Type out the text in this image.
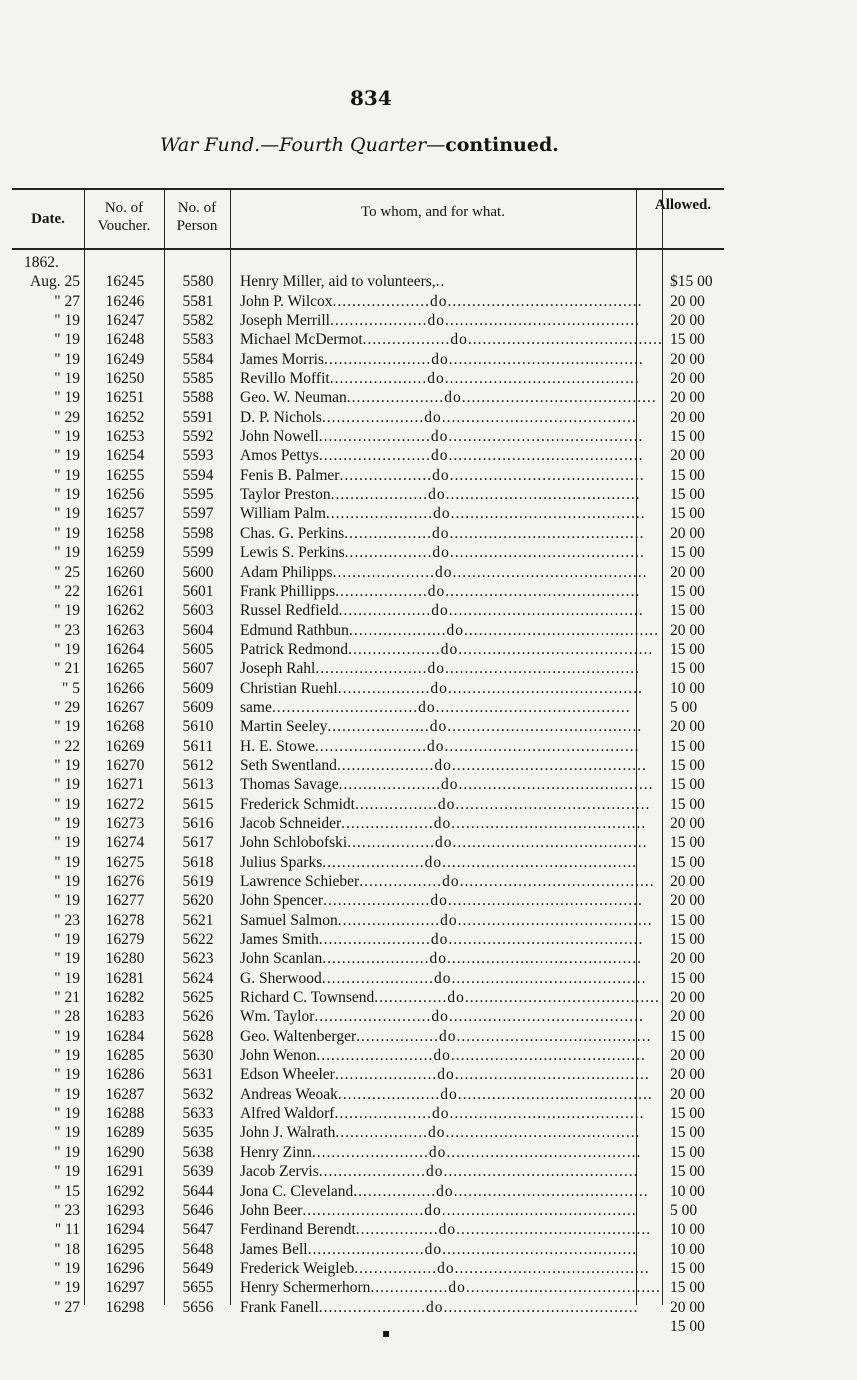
834
War Fund.—Fourth Quarter—continued.
Date.
No. of Voucher.
No. of Person
To whom, and for what.	Allowed.
1862.
Aug. 25	16245	5580	Henry Miller, aid to volunteers,..	$15 00
" 27	16246	5581	John P. Wilcox....................do........................................ 20 00
" 19	16247	5582	Joseph Merrill....................do........................................ 20 00
" 19	16248	5583	Michael McDermot..................do........................................ 15 00
" 19	16249	5584	James Morris......................do........................................ 20 00
" 19	16250	5585	Revillo Moffit....................do........................................ 20 00
" 19	16251	5588	Geo. W. Neuman....................do........................................ 20 00
" 29	16252	5591	D. P. Nichols.....................do........................................ 20 00
" 19	16253	5592	John Nowell.......................do........................................ 15 00
" 19	16254	5593	Amos Pettys.......................do........................................ 20 00
" 19	16255	5594	Fenis B. Palmer...................do........................................ 15 00
" 19	16256	5595	Taylor Preston....................do........................................ 15 00
" 19	16257	5597	William Palm......................do........................................ 15 00
" 19	16258	5598	Chas. G. Perkins..................do........................................ 20 00
" 19	16259	5599	Lewis S. Perkins..................do........................................ 15 00
" 25	16260	5600	Adam Philipps.....................do........................................ 20 00
" 22	16261	5601	Frank Phillipps...................do........................................ 15 00
" 19	16262	5603	Russel Redfield...................do........................................ 15 00
" 23	16263	5604	Edmund Rathbun....................do........................................ 20 00
" 19	16264	5605	Patrick Redmond...................do........................................ 15 00
" 21	16265	5607	Joseph Rahl.......................do........................................ 15 00
" 5	16266	5609	Christian Ruehl...................do........................................ 10 00
" 29	16267	5609	same..............................do........................................	5 00
" 19	16268	5610	Martin Seeley.....................do........................................ 20 00
" 22	16269	5611	H. E. Stowe.......................do........................................ 15 00
" 19	16270	5612	Seth Swentland....................do........................................ 15 00
" 19	16271	5613	Thomas Savage.....................do........................................ 15 00
" 19	16272	5615	Frederick Schmidt.................do........................................ 15 00
" 19	16273	5616	Jacob Schneider...................do........................................ 20 00
" 19	16274	5617	John Schlobofski..................do........................................ 15 00
" 19	16275	5618	Julius Sparks.....................do........................................ 15 00
" 19	16276	5619	Lawrence Schieber.................do........................................ 20 00
" 19	16277	5620	John Spencer......................do........................................ 20 00
" 23	16278	5621	Samuel Salmon.....................do........................................ 15 00
" 19	16279	5622	James Smith.......................do........................................ 15 00
" 19	16280	5623	John Scanlan......................do........................................ 20 00
" 19	16281	5624	G. Sherwood.......................do........................................ 15 00
" 21	16282	5625	Richard C. Townsend...............do........................................ 20 00
" 28	16283	5626	Wm. Taylor........................do........................................ 20 00
" 19	16284	5628	Geo. Waltenberger.................do........................................ 15 00
" 19	16285	5630	John Wenon........................do........................................ 20 00
" 19	16286	5631	Edson Wheeler.....................do........................................ 20 00
" 19	16287	5632	Andreas Weoak.....................do........................................ 20 00
" 19	16288	5633	Alfred Waldorf....................do........................................ 15 00
" 19	16289	5635	John J. Walrath...................do........................................ 15 00
" 19	16290	5638	Henry Zinn........................do........................................ 15 00
" 19	16291	5639	Jacob Zervis......................do........................................ 15 00
" 15	16292	5644	Jona C. Cleveland.................do........................................ 10 00
" 23	16293	5646	John Beer.........................do........................................ 5 00
" 11	16294	5647	Ferdinand Berendt.................do........................................ 10 00
" 18	16295	5648	James Bell........................do........................................ 10 00
" 19	16296	5649	Frederick Weigleb.................do........................................ 15 00
" 19	16297	5655	Henry Schermerhorn................do........................................ 15 00
" 27	16298	5656	Frank Fanell......................do........................................ 20 00
15 00
▪
